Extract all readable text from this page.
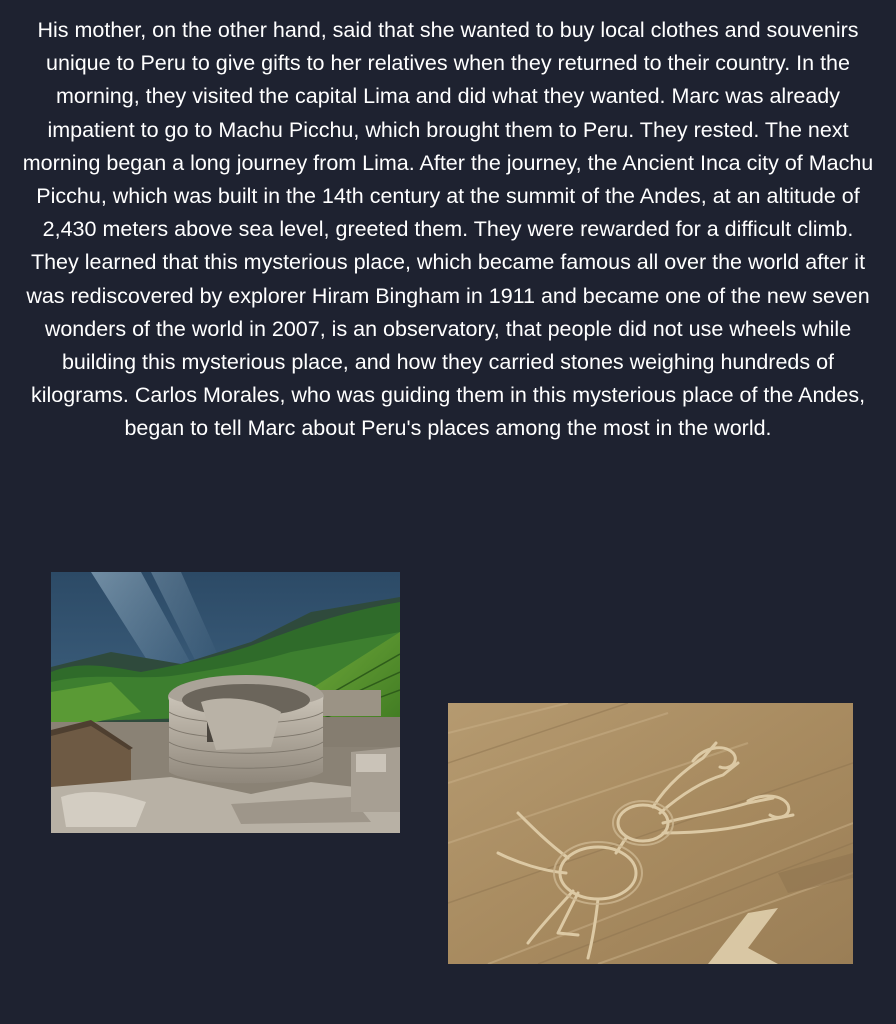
His mother, on the other hand, said that she wanted to buy local clothes and souvenirs unique to Peru to give gifts to her relatives when they returned to their country. In the morning, they visited the capital Lima and did what they wanted. Marc was already impatient to go to Machu Picchu, which brought them to Peru. They rested. The next morning began a long journey from Lima. After the journey, the Ancient Inca city of Machu Picchu, which was built in the 14th century at the summit of the Andes, at an altitude of 2,430 meters above sea level, greeted them. They were rewarded for a difficult climb. They learned that this mysterious place, which became famous all over the world after it was rediscovered by explorer Hiram Bingham in 1911 and became one of the new seven wonders of the world in 2007, is an observatory, that people did not use wheels while building this mysterious place, and how they carried stones weighing hundreds of kilograms. Carlos Morales, who was guiding them in this mysterious place of the Andes, began to tell Marc about Peru's places among the most in the world.
